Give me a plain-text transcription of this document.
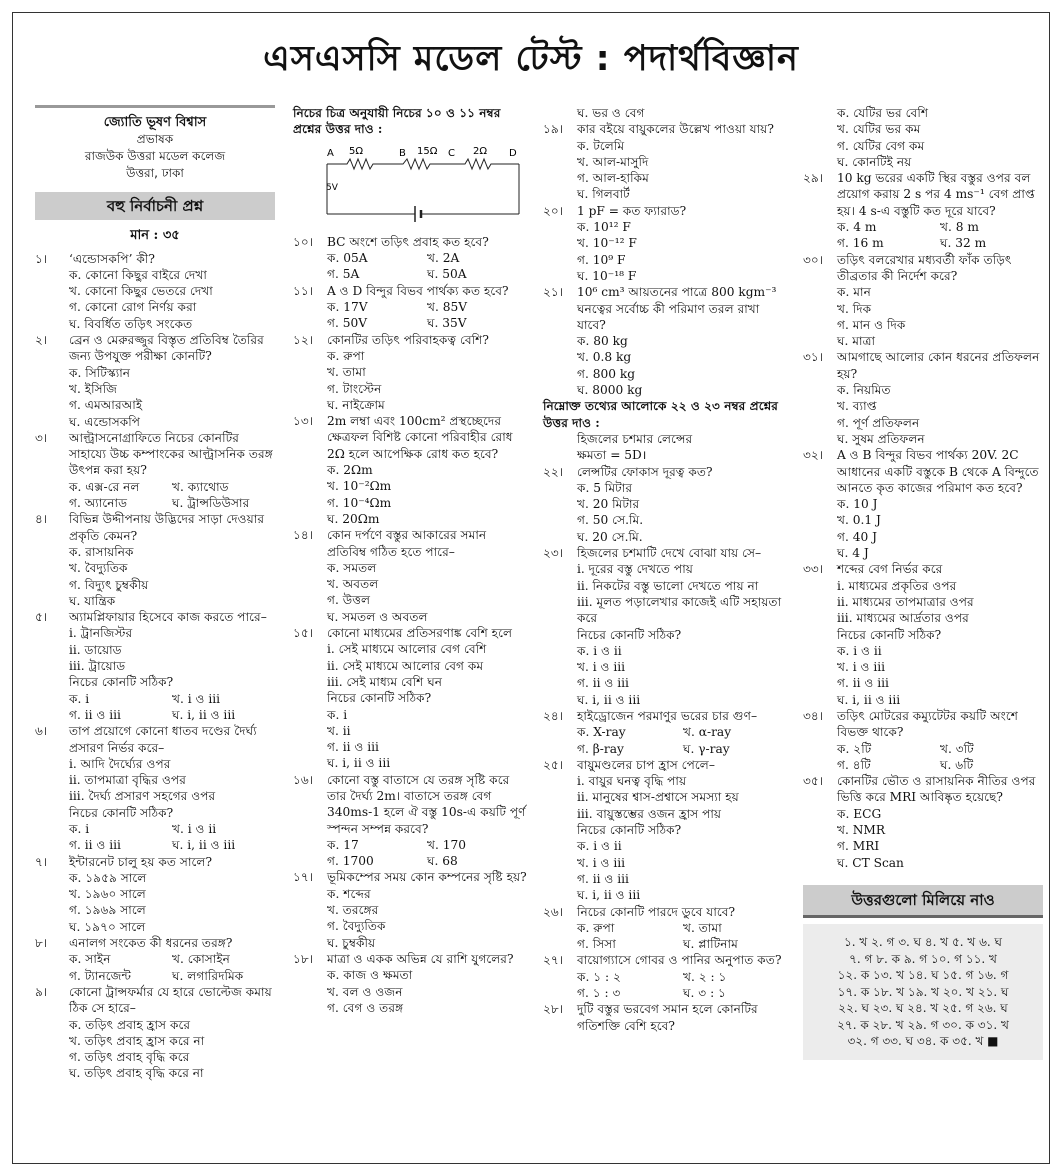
এসএসসি মডেল টেস্ট : পদার্থবিজ্ঞান
জ্যোতি ভূষণ বিশ্বাস
প্রভাষক
রাজউক উত্তরা মডেল কলেজ
উত্তরা, ঢাকা
বহু নির্বাচনী প্রশ্ন
মান : ৩৫
১।	‘এন্ডোসকপি’ কী?
ক. কোনো কিছুর বাইরে দেখা
খ. কোনো কিছুর ভেতরে দেখা
গ. কোনো রোগ নির্ণয় করা
ঘ. বিবর্ধিত তড়িৎ সংকেত
২।	ব্রেন ও মেরুরজ্জুর বিস্তৃত প্রতিবিম্ব তৈরির জন্য উপযুক্ত পরীক্ষা কোনটি?
ক. সিটিস্ক্যান
খ. ইসিজি
গ. এমআরআই
ঘ. এন্ডোসকপি
৩।	আল্ট্রাসনোগ্রাফিতে নিচের কোনটির সাহায্যে উচ্চ কম্পাংকের আল্ট্রাসনিক তরঙ্গ উৎপন্ন করা হয়?
ক. এক্স-রে নল	খ. ক্যাথোড
গ. অ্যানোড	ঘ. ট্রান্সডিউসার
৪।	বিভিন্ন উদ্দীপনায় উদ্ভিদের সাড়া দেওয়ার প্রকৃতি কেমন?
ক. রাসায়নিক
খ. বৈদ্যুতিক
গ. বিদ্যুৎ চুম্বকীয়
ঘ. যান্ত্রিক
৫।	অ্যামপ্লিফায়ার হিসেবে কাজ করতে পারে–
i. ট্রানজিস্টর
ii. ডায়োড
iii. ট্রায়োড
নিচের কোনটি সঠিক?
ক. i	খ. i ও iii
গ. ii ও iii	ঘ. i, ii ও iii
৬।	তাপ প্রয়োগে কোনো ধাতব দণ্ডের দৈর্ঘ্য প্রসারণ নির্ভর করে–
i. আদি দৈর্ঘ্যের ওপর
ii. তাপমাত্রা বৃদ্ধির ওপর
iii. দৈর্ঘ্য প্রসারণ সহগের ওপর
নিচের কোনটি সঠিক?
ক. i	খ. i ও ii
গ. ii ও iii	ঘ. i, ii ও iii
৭।	ইন্টারনেট চালু হয় কত সালে?
ক. ১৯৫৯ সালে
খ. ১৯৬০ সালে
গ. ১৯৬৯ সালে
ঘ. ১৯৭০ সালে
৮।	এনালগ সংকেত কী ধরনের তরঙ্গ?
ক. সাইন	খ. কোসাইন
গ. ট্যানজেন্ট	ঘ. লগারিদমিক
৯।	কোনো ট্রান্সফর্মার যে হারে ভোল্টেজ কমায় ঠিক সে হারে–
ক. তড়িৎ প্রবাহ হ্রাস করে
খ. তড়িৎ প্রবাহ হ্রাস করে না
গ. তড়িৎ প্রবাহ বৃদ্ধি করে
ঘ. তড়িৎ প্রবাহ বৃদ্ধি করে না
নিচের চিত্র অনুযায়ী নিচের ১০ ও ১১ নম্বর প্রশ্নের উত্তর দাও :
A 5Ω	B 15Ω C 2Ω D
5V
১০।	BC অংশে তড়িৎ প্রবাহ কত হবে?
ক. 05A	খ. 2A
গ. 5A	ঘ. 50A
১১।	A ও D বিন্দুর বিভব পার্থক্য কত হবে?
ক. 17V	খ. 85V
গ. 50V	ঘ. 35V
১২।	কোনটির তড়িৎ পরিবাহকত্ব বেশি?
ক. রুপা
খ. তামা
গ. টাংস্টেন
ঘ. নাইক্রোম
১৩।	2m লম্বা এবং 100cm² প্রস্থচ্ছেদের ক্ষেত্রফল বিশিষ্ট কোনো পরিবাহীর রোধ 2Ω হলে আপেক্ষিক রোধ কত হবে?
ক. 2Ωm
খ. 10⁻²Ωm
গ. 10⁻⁴Ωm
ঘ. 20Ωm
১৪।	কোন দর্পণে বস্তুর আকারের সমান প্রতিবিম্ব গঠিত হতে পারে–
ক. সমতল
খ. অবতল
গ. উত্তল
ঘ. সমতল ও অবতল
১৫।	কোনো মাধ্যমের প্রতিসরণাঙ্ক বেশি হলে
i. সেই মাধ্যমে আলোর বেগ বেশি
ii. সেই মাধ্যমে আলোর বেগ কম
iii. সেই মাধ্যম বেশি ঘন
নিচের কোনটি সঠিক?
ক. i
খ. ii
গ. ii ও iii
ঘ. i, ii ও iii
১৬।	কোনো বস্তু বাতাসে যে তরঙ্গ সৃষ্টি করে তার দৈর্ঘ্য 2m। বাতাসে তরঙ্গ বেগ 340ms-1 হলে ঐ বস্তু 10s-এ কয়টি পূর্ণ স্পন্দন সম্পন্ন করবে?
ক. 17	খ. 170
গ. 1700	ঘ. 68
১৭।	ভূমিকম্পের সময় কোন কম্পনের সৃষ্টি হয়?
ক. শব্দের
খ. তরঙ্গের
গ. বৈদ্যুতিক
ঘ. চুম্বকীয়
১৮।	মাত্রা ও একক অভিন্ন যে রাশি যুগলের?
ক. কাজ ও ক্ষমতা
খ. বল ও ওজন
গ. বেগ ও তরঙ্গ
ঘ. ভর ও বেগ
১৯।	কার বইয়ে বায়ুকলের উল্লেখ পাওয়া যায়?
ক. টলেমি
খ. আল-মাসুদি
গ. আল-হাকিম
ঘ. গিলবার্ট
২০।	1 pF = কত ফ্যারাড?
ক. 10¹² F
খ. 10⁻¹² F
গ. 10⁹ F
ঘ. 10⁻¹⁸ F
২১।	10⁶ cm³ আয়তনের পাত্রে 800 kgm⁻³ ঘনত্বের সর্বোচ্চ কী পরিমাণ তরল রাখা যাবে?
ক. 80 kg
খ. 0.8 kg
গ. 800 kg
ঘ. 8000 kg
নিম্নোক্ত তথ্যের আলোকে ২২ ও ২৩ নম্বর প্রশ্নের উত্তর দাও :
হিজলের চশমার লেন্সের
ক্ষমতা = 5D।
২২।	লেন্সটির ফোকাস দূরত্ব কত?
ক. 5 মিটার
খ. 20 মিটার
গ. 50 সে.মি.
ঘ. 20 সে.মি.
২৩।	হিজলের চশমাটি দেখে বোঝা যায় সে–
i. দূরের বস্তু দেখতে পায়
ii. নিকটের বস্তু ভালো দেখতে পায় না
iii. মূলত পড়ালেখার কাজেই এটি সহায়তা করে
নিচের কোনটি সঠিক?
ক. i ও ii
খ. i ও iii
গ. ii ও iii
ঘ. i, ii ও iii
২৪।	হাইড্রোজেন পরমাণুর ভরের চার গুণ–
ক. X-ray	খ. α-ray
গ. β-ray	ঘ. γ-ray
২৫।	বায়ুমণ্ডলের চাপ হ্রাস পেলে–
i. বায়ুর ঘনত্ব বৃদ্ধি পায়
ii. মানুষের শ্বাস-প্রশ্বাসে সমস্যা হয়
iii. বায়ুস্তম্ভের ওজন হ্রাস পায়
নিচের কোনটি সঠিক?
ক. i ও ii
খ. i ও iii
গ. ii ও iii
ঘ. i, ii ও iii
২৬।	নিচের কোনটি পারদে ডুবে যাবে?
ক. রুপা	খ. তামা
গ. সিসা	ঘ. প্লাটিনাম
২৭।	বায়োগ্যাসে গোবর ও পানির অনুপাত কত?
ক. ১ : ২	খ. ২ : ১
গ. ১ : ৩	ঘ. ৩ : ১
২৮।	দুটি বস্তুর ভরবেগ সমান হলে কোনটির গতিশক্তি বেশি হবে?
ক. যেটির ভর বেশি
খ. যেটির ভর কম
গ. যেটির বেগ কম
ঘ. কোনটিই নয়
২৯।	10 kg ভরের একটি স্থির বস্তুর ওপর বল প্রয়োগ করায় 2 s পর 4 ms⁻¹ বেগ প্রাপ্ত হয়। 4 s-এ বস্তুটি কত দূরে যাবে?
ক. 4 m	খ. 8 m
গ. 16 m	ঘ. 32 m
৩০।	তড়িৎ বলরেখার মধ্যবর্তী ফাঁক তড়িৎ তীব্রতার কী নির্দেশ করে?
ক. মান
খ. দিক
গ. মান ও দিক
ঘ. মাত্রা
৩১।	আমগাছে আলোর কোন ধরনের প্রতিফলন হয়?
ক. নিয়মিত
খ. ব্যাপ্ত
গ. পূর্ণ প্রতিফলন
ঘ. সুষম প্রতিফলন
৩২।	A ও B বিন্দুর বিভব পার্থক্য 20V. 2C আধানের একটি বস্তুকে B থেকে A বিন্দুতে আনতে কৃত কাজের পরিমাণ কত হবে?
ক. 10 J
খ. 0.1 J
গ. 40 J
ঘ. 4 J
৩৩।	শব্দের বেগ নির্ভর করে
i. মাধ্যমের প্রকৃতির ওপর
ii. মাধ্যমের তাপমাত্রার ওপর
iii. মাধ্যমের আর্দ্রতার ওপর
নিচের কোনটি সঠিক?
ক. i ও ii
খ. i ও iii
গ. ii ও iii
ঘ. i, ii ও iii
৩৪।	তড়িৎ মোটরের কম্যুটেটর কয়টি অংশে বিভক্ত থাকে?
ক. ২টি	খ. ৩টি
গ. ৪টি	ঘ. ৬টি
৩৫।	কোনটির ভৌত ও রাসায়নিক নীতির ওপর ভিত্তি করে MRI আবিষ্কৃত হয়েছে?
ক. ECG
খ. NMR
গ. MRI
ঘ. CT Scan
উত্তরগুলো মিলিয়ে নাও
১. খ ২. গ ৩. ঘ ৪. খ ৫. খ ৬. ঘ
৭. গ ৮. ক ৯. গ ১০. গ ১১. খ
১২. ক ১৩. খ ১৪. ঘ ১৫. গ ১৬. গ
১৭. ক ১৮. খ ১৯. খ ২০. খ ২১. ঘ
২২. ঘ ২৩. ঘ ২৪. খ ২৫. গ ২৬. ঘ
২৭. ক ২৮. খ ২৯. গ ৩০. ক ৩১. খ
৩২. গ ৩৩. ঘ ৩৪. ক ৩৫. খ ■
